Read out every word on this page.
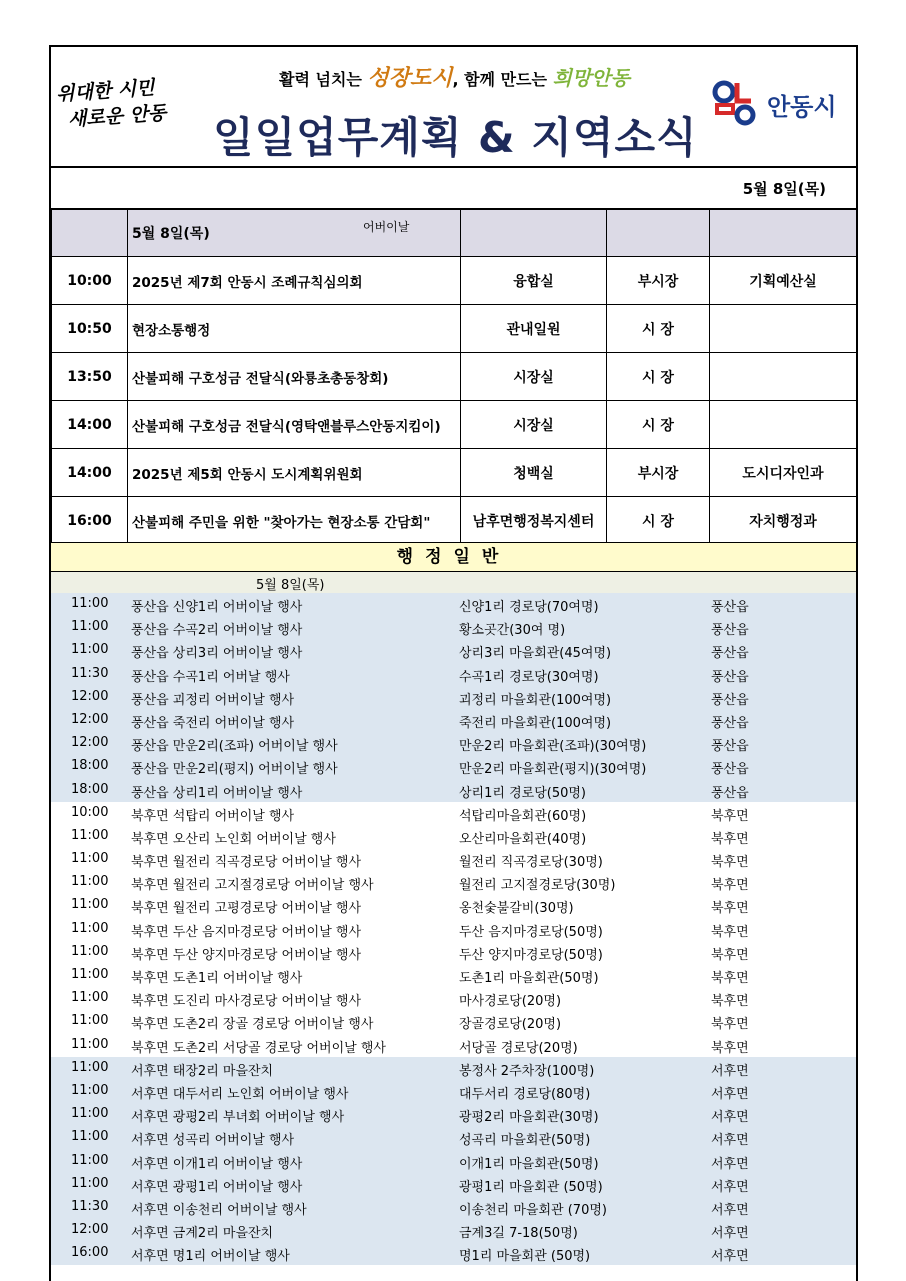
위대한 시민
새로운 안동
활력 넘치는 성장도시, 함께 만드는 희망안동
일일업무계획 & 지역소식
안동시
5월 8일(목)
	5월 8일(목) 어버이날			

10:00	2025년 제7회 안동시 조례규칙심의회	융합실	부시장	기획예산실
10:50	현장소통행정	관내일원	시 장	
13:50	산불피해 구호성금 전달식(와룡초총동창회)	시장실	시 장	
14:00	산불피해 구호성금 전달식(영탁앤블루스안동지킴이)	시장실	시 장	
14:00	2025년 제5회 안동시 도시계획위원회	청백실	부시장	도시디자인과
16:00	산불피해 주민을 위한 "찾아가는 현장소통 간담회"	남후면행정복지센터	시 장	자치행정과
행정일반
5월 8일(목)
11:00 풍산읍 신양1리 어버이날 행사	신양1리 경로당(70여명)	풍산읍
11:00 풍산읍 수곡2리 어버이날 행사	황소곳간(30여 명)	풍산읍
11:00 풍산읍 상리3리 어버이날 행사	상리3리 마을회관(45여명)	풍산읍
11:30 풍산읍 수곡1리 어버날 행사	수곡1리 경로당(30여명)	풍산읍
12:00 풍산읍 괴정리 어버이날 행사	괴정리 마을회관(100여명)	풍산읍
12:00 풍산읍 죽전리 어버이날 행사	죽전리 마을회관(100여명)	풍산읍
12:00 풍산읍 만운2리(조파) 어버이날 행사	만운2리 마을회관(조파)(30여명)	풍산읍
18:00 풍산읍 만운2리(평지) 어버이날 행사	만운2리 마을회관(평지)(30여명)	풍산읍
18:00 풍산읍 상리1리 어버이날 행사	상리1리 경로당(50명)	풍산읍
10:00 북후면 석탑리 어버이날 행사	석탑리마을회관(60명)	북후면
11:00 북후면 오산리 노인회 어버이날 행사	오산리마을회관(40명)	북후면
11:00 북후면 월전리 직곡경로당 어버이날 행사	월전리 직곡경로당(30명)	북후면
11:00 북후면 월전리 고지절경로당 어버이날 행사	월전리 고지절경로당(30명)	북후면
11:00 북후면 월전리 고평경로당 어버이날 행사	옹천숯불갈비(30명)	북후면
11:00 북후면 두산 음지마경로당 어버이날 행사	두산 음지마경로당(50명)	북후면
11:00 북후면 두산 양지마경로당 어버이날 행사	두산 양지마경로당(50명)	북후면
11:00 북후면 도촌1리 어버이날 행사	도촌1리 마을회관(50명)	북후면
11:00 북후면 도진리 마사경로당 어버이날 행사	마사경로당(20명)	북후면
11:00 북후면 도촌2리 장골 경로당 어버이날 행사	장골경로당(20명)	북후면
11:00 북후면 도촌2리 서당골 경로당 어버이날 행사	서당골 경로당(20명)	북후면
11:00 서후면 태장2리 마을잔치	봉정사 2주차장(100명)	서후면
11:00 서후면 대두서리 노인회 어버이날 행사	대두서리 경로당(80명)	서후면
11:00 서후면 광평2리 부녀회 어버이날 행사	광평2리 마을회관(30명)	서후면
11:00 서후면 성곡리 어버이날 행사	성곡리 마을회관(50명)	서후면
11:00 서후면 이개1리 어버이날 행사	이개1리 마을회관(50명)	서후면
11:00 서후면 광평1리 어버이날 행사	광평1리 마을회관 (50명)	서후면
11:30 서후면 이송천리 어버이날 행사	이송천리 마을회관 (70명)	서후면
12:00 서후면 금계2리 마을잔치	금계3길 7-18(50명)	서후면
16:00 서후면 명1리 어버이날 행사	명1리 마을회관 (50명)	서후면
